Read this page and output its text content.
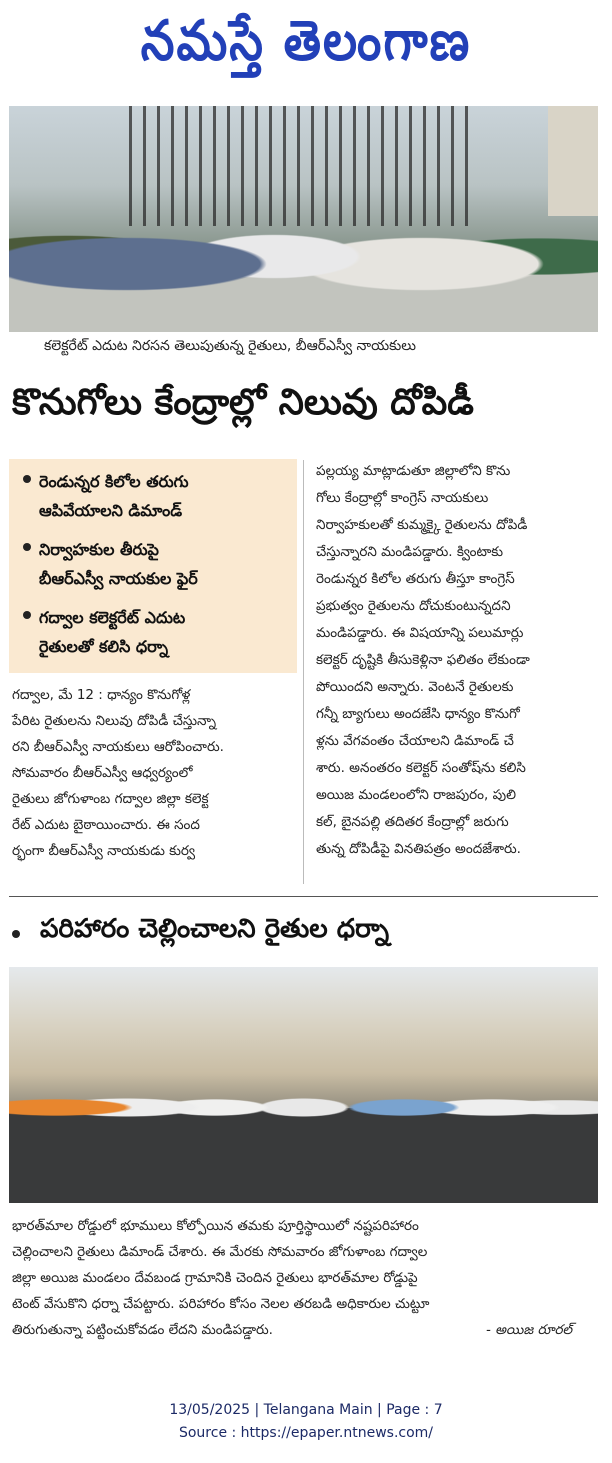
నమస్తే తెలంగాణ
కలెక్టరేట్ ఎదుట నిరసన తెలుపుతున్న రైతులు, బీఆర్ఎస్వీ నాయకులు
కొనుగోలు కేంద్రాల్లో నిలువు దోపిడీ
రెండున్నర కిలోల తరుగు
ఆపివేయాలని డిమాండ్
నిర్వాహకుల తీరుపై
బీఆర్ఎస్వీ నాయకుల ఫైర్
గద్వాల కలెక్టరేట్ ఎదుట
రైతులతో కలిసి ధర్నా
గద్వాల, మే 12 : ధాన్యం కొనుగోళ్ల
పేరిట రైతులను నిలువు దోపిడీ చేస్తున్నా
రని బీఆర్ఎస్వీ నాయకులు ఆరోపించారు.
సోమవారం బీఆర్ఎస్వీ ఆధ్వర్యంలో
రైతులు జోగుళాంబ గద్వాల జిల్లా కలెక్ట
రేట్ ఎదుట బైఠాయించారు. ఈ సంద
ర్భంగా బీఆర్ఎస్వీ నాయకుడు కుర్వ
పల్లయ్య మాట్లాడుతూ జిల్లాలోని కొను
గోలు కేంద్రాల్లో కాంగ్రెస్ నాయకులు
నిర్వాహకులతో కుమ్మక్కై రైతులను దోపిడీ
చేస్తున్నారని మండిపడ్డారు. క్వింటాకు
రెండున్నర కిలోల తరుగు తీస్తూ కాంగ్రెస్
ప్రభుత్వం రైతులను దోచుకుంటున్నదని
మండిపడ్డారు. ఈ విషయాన్ని పలుమార్లు
కలెక్టర్ దృష్టికి తీసుకెళ్లినా ఫలితం లేకుండా
పోయిందని అన్నారు. వెంటనే రైతులకు
గన్నీ బ్యాగులు అందజేసి ధాన్యం కొనుగో
ళ్లను వేగవంతం చేయాలని డిమాండ్ చే
శారు. అనంతరం కలెక్టర్ సంతోష్‌ను కలిసి
అయిజ మండలంలోని రాజపురం, పులి
కల్, బైనపల్లి తదితర కేంద్రాల్లో జరుగు
తున్న దోపిడీపై వినతిపత్రం అందజేశారు.
పరిహారం చెల్లించాలని రైతుల ధర్నా
భారత్‌మాల రోడ్డులో భూములు కోల్పోయిన తమకు పూర్తిస్థాయిలో నష్టపరిహారం
చెల్లించాలని రైతులు డిమాండ్ చేశారు. ఈ మేరకు సోమవారం జోగుళాంబ గద్వాల
జిల్లా అయిజ మండలం దేవబండ గ్రామానికి చెందిన రైతులు భారత్‌మాల రోడ్డుపై
టెంట్ వేసుకొని ధర్నా చేపట్టారు. పరిహారం కోసం నెలల తరబడి అధికారుల చుట్టూ
తిరుగుతున్నా పట్టించుకోవడం లేదని మండిపడ్డారు.	- అయిజ రూరల్
13/05/2025 | Telangana Main | Page : 7
Source : https://epaper.ntnews.com/
